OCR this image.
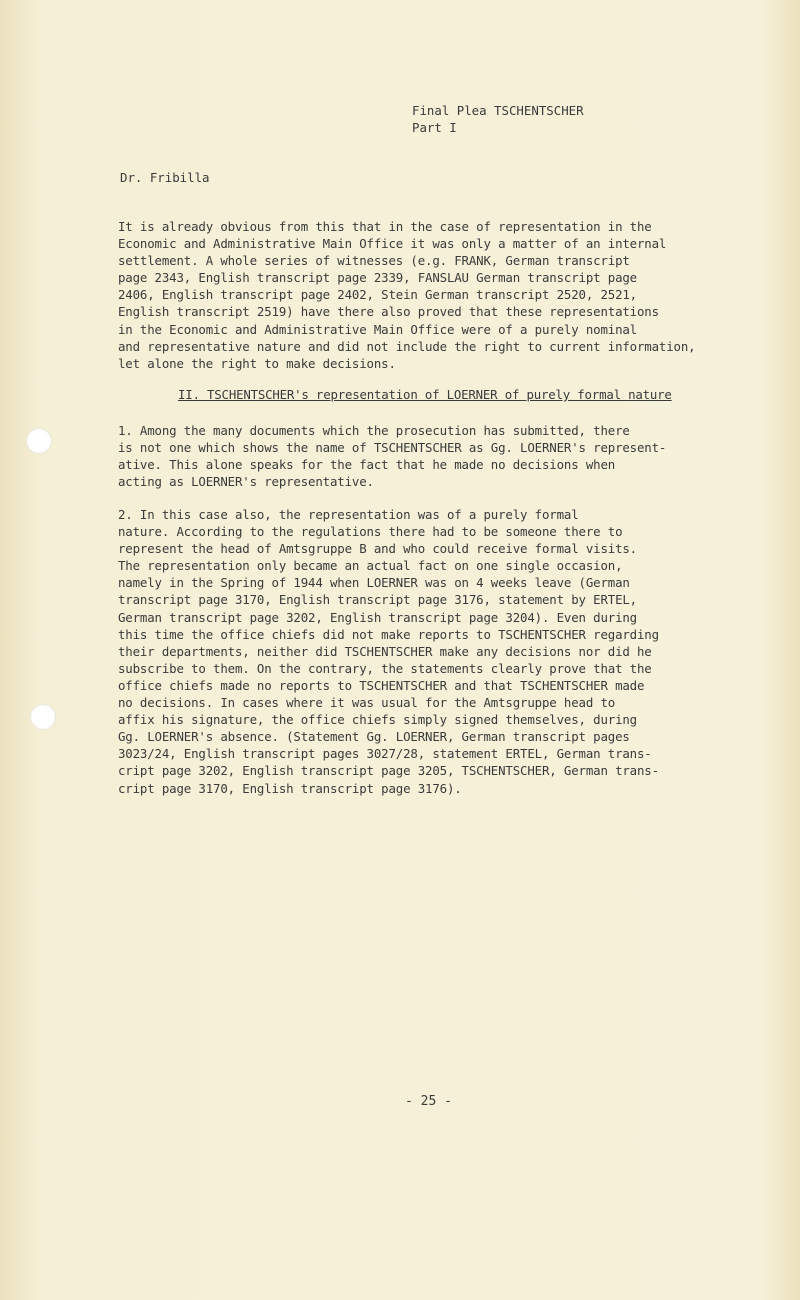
Final Plea TSCHENTSCHER
Part I
Dr. Fribilla
It is already obvious from this that in the case of representation in the
Economic and Administrative Main Office it was only a matter of an internal
settlement. A whole series of witnesses (e.g. FRANK, German transcript
page 2343, English transcript page 2339, FANSLAU German transcript page
2406, English transcript page 2402, Stein German transcript 2520, 2521,
English transcript 2519) have there also proved that these representations
in the Economic and Administrative Main Office were of a purely nominal
and representative nature and did not include the right to current information,
let alone the right to make decisions.
II. TSCHENTSCHER's representation of LOERNER of purely formal nature
1. Among the many documents which the prosecution has submitted, there
is not one which shows the name of TSCHENTSCHER as Gg. LOERNER's represent-
ative. This alone speaks for the fact that he made no decisions when
acting as LOERNER's representative.
2. In this case also, the representation was of a purely formal
nature. According to the regulations there had to be someone there to
represent the head of Amtsgruppe B and who could receive formal visits.
The representation only became an actual fact on one single occasion,
namely in the Spring of 1944 when LOERNER was on 4 weeks leave (German
transcript page 3170, English transcript page 3176, statement by ERTEL,
German transcript page 3202, English transcript page 3204). Even during
this time the office chiefs did not make reports to TSCHENTSCHER regarding
their departments, neither did TSCHENTSCHER make any decisions nor did he
subscribe to them. On the contrary, the statements clearly prove that the
office chiefs made no reports to TSCHENTSCHER and that TSCHENTSCHER made
no decisions. In cases where it was usual for the Amtsgruppe head to
affix his signature, the office chiefs simply signed themselves, during
Gg. LOERNER's absence. (Statement Gg. LOERNER, German transcript pages
3023/24, English transcript pages 3027/28, statement ERTEL, German trans-
cript page 3202, English transcript page 3205, TSCHENTSCHER, German trans-
cript page 3170, English transcript page 3176).
- 25 -
